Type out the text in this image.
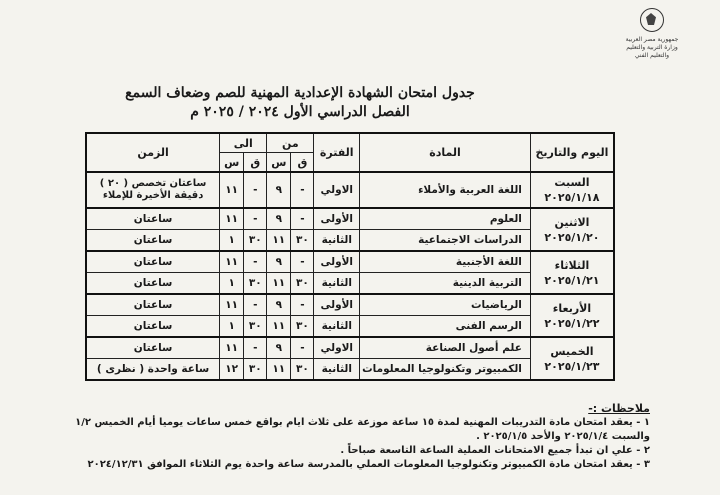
جمهورية مصر العربية
وزارة التربية والتعليم
والتعليم الفني
جدول امتحان الشهادة الإعدادية المهنية للصم وضعاف السمع
الفصل الدراسي الأول ٢٠٢٤ / ٢٠٢٥ م
اليوم والتاريخ	المادة	الفترة	من		الى		الزمن
			ق	س	ق	س	

السبت
٢٠٢٥/١/١٨	اللغة العربية والأملاء	الاولي	-	٩	-	١١	ساعتان تخصص ( ٢٠ ) دقيقة الأخيرة للإملاء

الاثنين
٢٠٢٥/١/٢٠	العلوم	الأولى	-	٩	-	١١	ساعتان
	الدراسات الاجتماعية	الثانية	٣٠	١١	٣٠	١	ساعتان

الثلاثاء
٢٠٢٥/١/٢١	اللغة الأجنبية	الأولى	-	٩	-	١١	ساعتان
	التربية الدينية	الثانية	٣٠	١١	٣٠	١	ساعتان

الأربعاء
٢٠٢٥/١/٢٢	الرياضيات	الأولى	-	٩	-	١١	ساعتان
	الرسم الفنى	الثانية	٣٠	١١	٣٠	١	ساعتان

الخميس
٢٠٢٥/١/٢٣	علم أصول الصناعة	الاولي	-	٩	-	١١	ساعتان
	الكمبيوتر وتكنولوجيا المعلومات	الثانية	٣٠	١١	٣٠	١٢	ساعة واحدة ( نظرى )

ملاحظات :-

١ - يعقد امتحان مادة التدريبات المهنية لمدة ١٥ ساعة موزعة على ثلاث ايام بواقع خمس ساعات يوميا أيام الخميس ١/٢

والسبت ٢٠٢٥/١/٤ والأحد ٢٠٢٥/١/٥ .

٢ - علي ان تبدأ جميع الامتحانات العملية الساعة التاسعة صباحاً .

٣ - يعقد امتحان مادة الكمبيوتر وتكنولوجيا المعلومات العملي بالمدرسة ساعة واحدة يوم الثلاثاء الموافق ٢٠٢٤/١٢/٣١
